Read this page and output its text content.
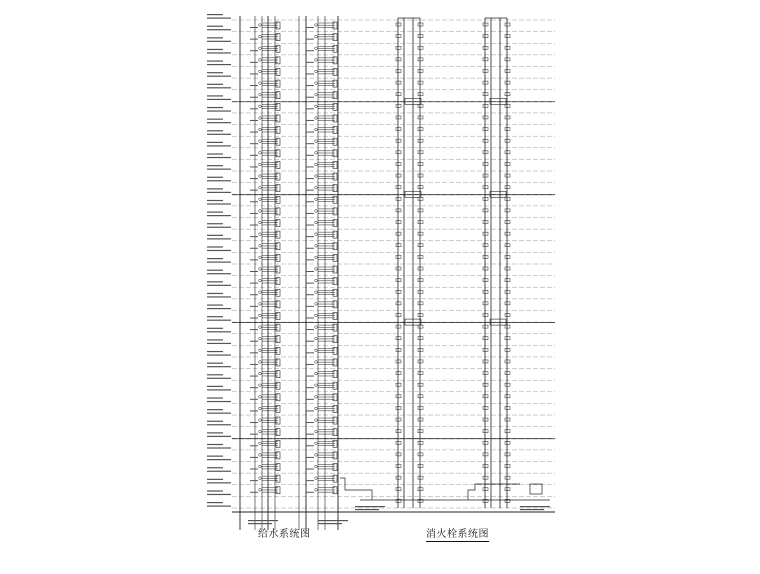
给水系统图	消火栓系统图
